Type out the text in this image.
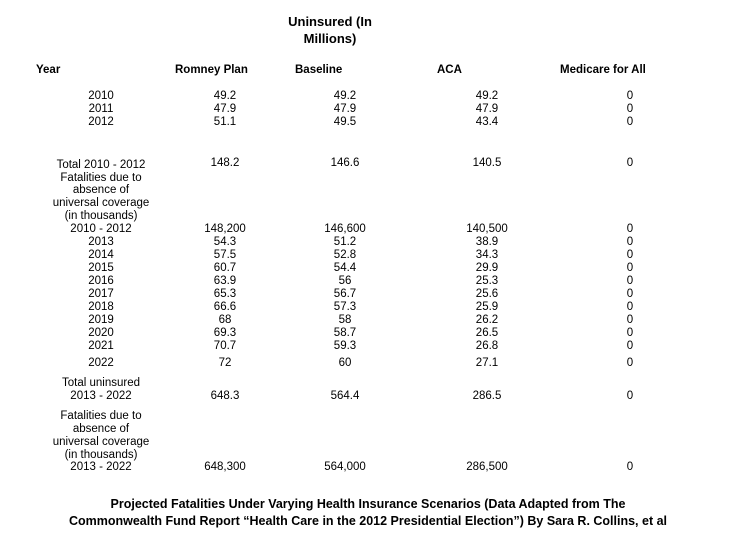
Uninsured (In
Millions)
Year	Romney Plan	Baseline	ACA	Medicare for All
2010	49.2	49.2	49.2	0
2011	47.9	47.9	47.9	0
2012	51.1	49.5	43.4	0
Total 2010 - 2012	148.2	146.6	140.5	0
Fatalities due to
absence of
universal coverage
(in thousands)
2010 - 2012	148,200	146,600	140,500	0
2013	54.3	51.2	38.9	0
2014	57.5	52.8	34.3	0
2015	60.7	54.4	29.9	0
2016	63.9	56	25.3	0
2017	65.3	56.7	25.6	0
2018	66.6	57.3	25.9	0
2019	68	58	26.2	0
2020	69.3	58.7	26.5	0
2021	70.7	59.3	26.8	0
2022	72	60	27.1	0
Total uninsured
2013 - 2022	648.3	564.4	286.5	0
Fatalities due to
absence of
universal coverage
(in thousands)
2013 - 2022	648,300	564,000	286,500	0
Projected Fatalities Under Varying Health Insurance Scenarios (Data Adapted from The
Commonwealth Fund Report “Health Care in the 2012 Presidential Election”) By Sara R. Collins, et al
